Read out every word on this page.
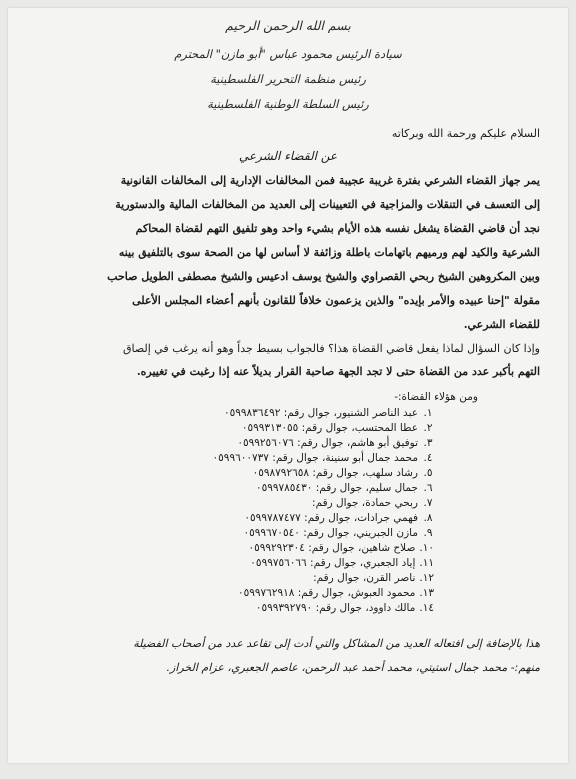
بسم الله الرحمن الرحيم
سيادة الرئيس محمود عباس "أبو مازن" المحترم
رئيس منظمة التحرير الفلسطينية
رئيس السلطة الوطنية الفلسطينية
السلام عليكم ورحمة الله وبركاته
عن القضاء الشرعي
يمر جهاز القضاء الشرعي بفترة غريبة عجيبة فمن المخالفات الإدارية إلى المخالفات القانونية
إلى التعسف في التنقلات والمزاجية في التعيينات إلى العديد من المخالفات المالية والدستورية
نجد أن قاضي القضاة يشغل نفسه هذه الأيام بشيء واحد وهو تلفيق التهم لقضاة المحاكم
الشرعية والكيد لهم ورميهم باتهامات باطلة وزائفة لا أساس لها من الصحة سوى بالتلفيق بينه
وبين المكروهين الشيخ ربحي القصراوي والشيخ يوسف ادعيس والشيخ مصطفى الطويل صاحب
مقولة "إحنا عبيده والأمر بإيده" والذين يزعمون خلافاً للقانون بأنهم أعضاء المجلس الأعلى
للقضاء الشرعي.
وإذا كان السؤال لماذا يفعل قاضي القضاة هذا؟ فالجواب بسيط جداً وهو أنه يرغب في إلصاق
التهم بأكبر عدد من القضاة حتى لا تجد الجهة صاحبة القرار بديلاً عنه إذا رغبت في تغييره.
ومن هؤلاء القضاة:-
١.
عبد الناصر الشنيور، جوال رقم: ٠٥٩٩٨٣٦٤٩٢
٢.
عطا المحتسب، جوال رقم: ٠٥٩٩٣١٣٠٥٥
٣.
توفيق أبو هاشم، جوال رقم: ٠٥٩٩٢٥٦٠٧٦
٤.
محمد جمال أبو سنينة، جوال رقم: ٠٥٩٩٦٠٠٧٣٧
٥.
رشاد سلهب، جوال رقم: ٠٥٩٨٧٩٢٦٥٨
٦.
جمال سليم، جوال رقم: ٠٥٩٩٧٨٥٤٣٠
٧.
ربحي حمادة، جوال رقم:
٨.
فهمي جرادات، جوال رقم: ٠٥٩٩٧٨٧٤٧٧
٩.
مازن الجبريني، جوال رقم: ٠٥٩٩٦٧٠٥٤٠
١٠.
صلاح شاهين، جوال رقم: ٠٥٩٩٢٩٢٣٠٤
١١.
إياد الجعبري، جوال رقم: ٠٥٩٩٧٥٦٠٦٦
١٢.
ناصر القرن، جوال رقم:
١٣.
محمود العبوش، جوال رقم: ٠٥٩٩٧٦٢٩١٨
١٤.
مالك داوود، جوال رقم: ٠٥٩٩٣٩٢٧٩٠
هذا بالإضافة إلى افتعاله العديد من المشاكل والتي أدت إلى تقاعد عدد من أصحاب الفضيلة
منهم:- محمد جمال استيتي، محمد أحمد عبد الرحمن، عاصم الجعبري، عزام الخراز.
